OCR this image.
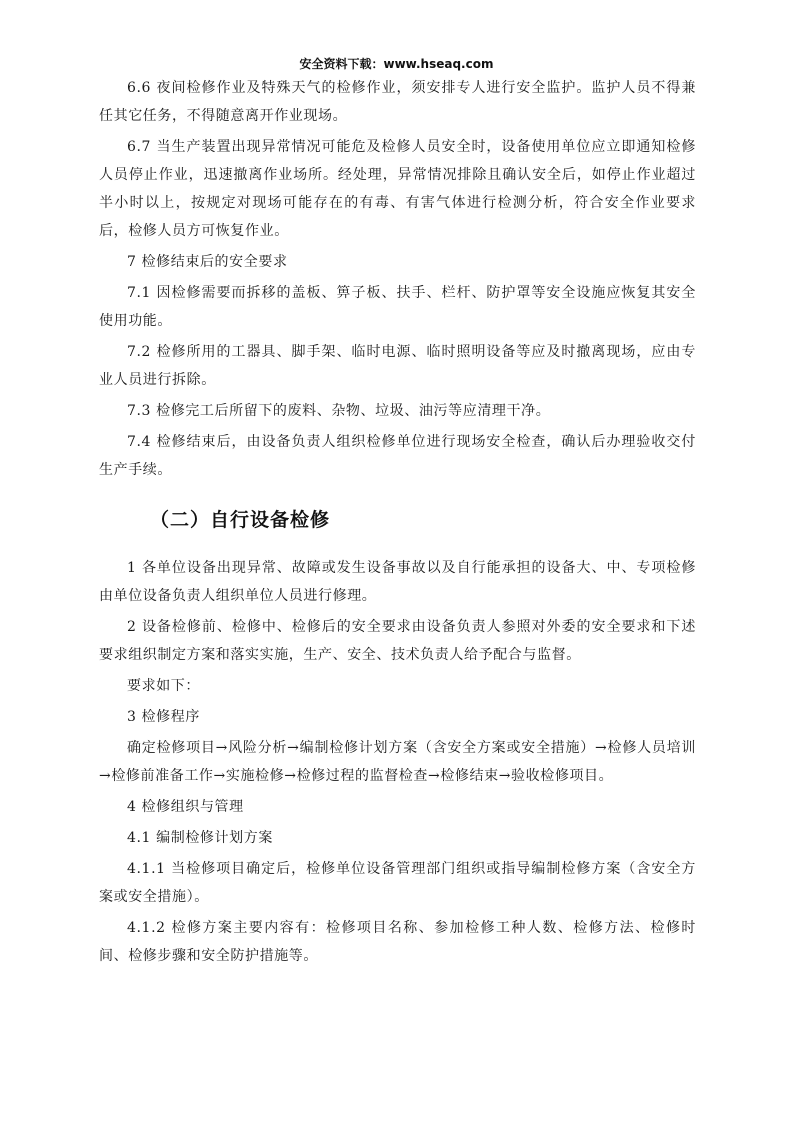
安全资料下载：www.hseaq.com

6.6 夜间检修作业及特殊天气的检修作业，须安排专人进行安全监护。监护人员不得兼任其它任务，不得随意离开作业现场。

6.7 当生产装置出现异常情况可能危及检修人员安全时，设备使用单位应立即通知检修人员停止作业，迅速撤离作业场所。经处理，异常情况排除且确认安全后，如停止作业超过半小时以上，按规定对现场可能存在的有毒、有害气体进行检测分析，符合安全作业要求后，检修人员方可恢复作业。

7 检修结束后的安全要求

7.1 因检修需要而拆移的盖板、箅子板、扶手、栏杆、防护罩等安全设施应恢复其安全使用功能。

7.2 检修所用的工器具、脚手架、临时电源、临时照明设备等应及时撤离现场，应由专业人员进行拆除。

7.3 检修完工后所留下的废料、杂物、垃圾、油污等应清理干净。

7.4 检修结束后，由设备负责人组织检修单位进行现场安全检查，确认后办理验收交付生产手续。

（二）自行设备检修

1 各单位设备出现异常、故障或发生设备事故以及自行能承担的设备大、中、专项检修由单位设备负责人组织单位人员进行修理。

2 设备检修前、检修中、检修后的安全要求由设备负责人参照对外委的安全要求和下述要求组织制定方案和落实实施，生产、安全、技术负责人给予配合与监督。

要求如下：

3 检修程序

确定检修项目→风险分析→编制检修计划方案（含安全方案或安全措施）→检修人员培训→检修前准备工作→实施检修→检修过程的监督检查→检修结束→验收检修项目。

4 检修组织与管理

4.1 编制检修计划方案

4.1.1 当检修项目确定后，检修单位设备管理部门组织或指导编制检修方案（含安全方案或安全措施）。

4.1.2 检修方案主要内容有：检修项目名称、参加检修工种人数、检修方法、检修时间、检修步骤和安全防护措施等。
